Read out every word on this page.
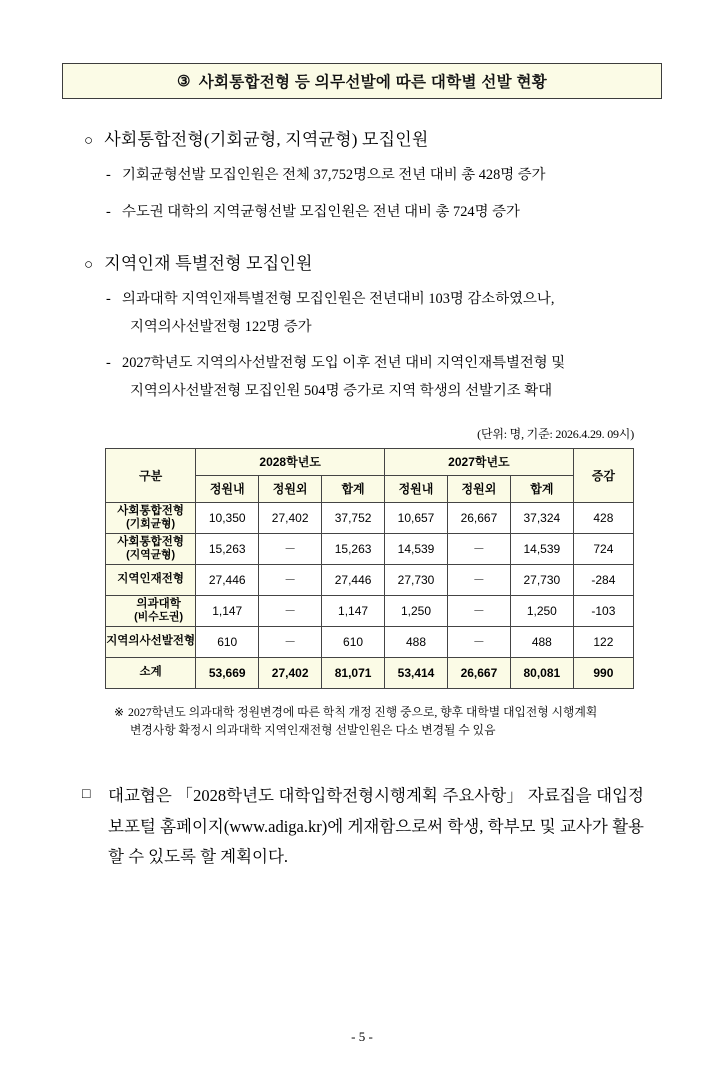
③ 사회통합전형 등 의무선발에 따른 대학별 선발 현황
○ 사회통합전형(기회균형, 지역균형) 모집인원
- 기회균형선발 모집인원은 전체 37,752명으로 전년 대비 총 428명 증가
- 수도권 대학의 지역균형선발 모집인원은 전년 대비 총 724명 증가
○ 지역인재 특별전형 모집인원
- 의과대학 지역인재특별전형 모집인원은 전년대비 103명 감소하였으나,
지역의사선발전형 122명 증가
- 2027학년도 지역의사선발전형 도입 이후 전년 대비 지역인재특별전형 및
지역의사선발전형 모집인원 504명 증가로 지역 학생의 선발기조 확대
(단위: 명, 기준: 2026.4.29. 09시)
구분	2028학년도			2027학년도			증감
	정원내	정원외	합계	정원내	정원외	합계	
사회통합전형
(기회균형)	10,350	27,402	37,752	10,657	26,667	37,324	428
사회통합전형
(지역균형)	15,263	－	15,263	14,539	－	14,539	724
지역인재전형	27,446	－	27,446	27,730	－	27,730	-284
의과대학
(비수도권)	1,147	－	1,147	1,250	－	1,250	-103
지역의사선발전형	610	－	610	488	－	488	122
소계	53,669	27,402	81,071	53,414	26,667	80,081	990
※ 2027학년도 의과대학 정원변경에 따른 학칙 개정 진행 중으로, 향후 대학별 대입전형 시행계획
변경사항 확정시 의과대학 지역인재전형 선발인원은 다소 변경될 수 있음
□	대교협은 「2028학년도 대학입학전형시행계획 주요사항」 자료집을 대입정보포털 홈페이지(www.adiga.kr)에 게재함으로써 학생, 학부모 및 교사가 활용할 수 있도록 할 계획이다.
- 5 -
